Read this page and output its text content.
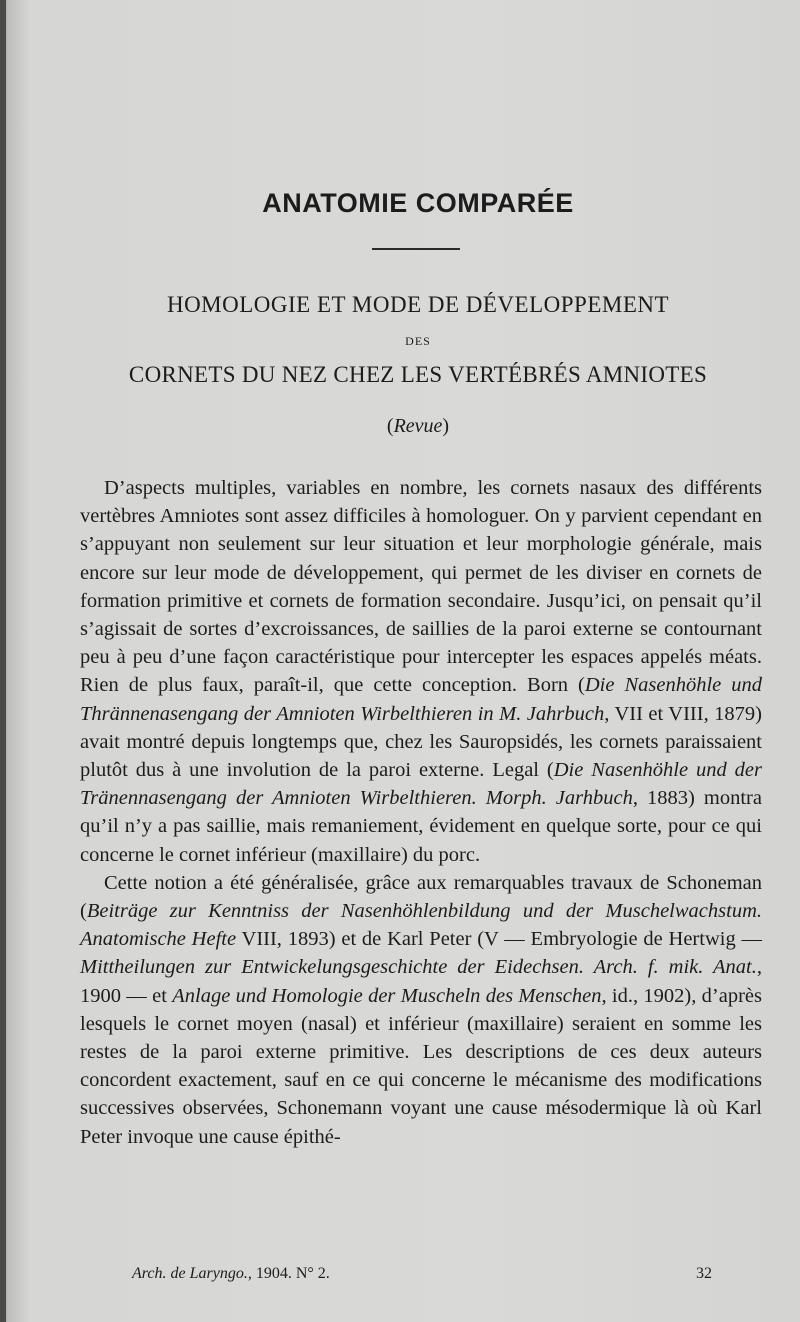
ANATOMIE COMPARÉE
HOMOLOGIE ET MODE DE DÉVELOPPEMENT
DES
CORNETS DU NEZ CHEZ LES VERTÉBRÉS AMNIOTES
(Revue)

D’aspects multiples, variables en nombre, les cornets nasaux des différents vertèbres Amniotes sont assez difficiles à homologuer. On y parvient cependant en s’appuyant non seulement sur leur situation et leur morphologie générale, mais encore sur leur mode de développement, qui permet de les diviser en cornets de formation primitive et cornets de formation secondaire. Jusqu’ici, on pensait qu’il s’agissait de sortes d’excroissances, de saillies de la paroi externe se contournant peu à peu d’une façon caractéristique pour intercepter les espaces appelés méats. Rien de plus faux, paraît-il, que cette conception. Born (Die Nasenhöhle und Thrännenasengang der Amnioten Wirbelthieren in M. Jahrbuch, VII et VIII, 1879) avait montré depuis longtemps que, chez les Sauropsidés, les cornets paraissaient plutôt dus à une involution de la paroi externe. Legal (Die Nasenhöhle und der Tränennasengang der Amnioten Wirbelthieren. Morph. Jarhbuch, 1883) montra qu’il n’y a pas saillie, mais remaniement, évidement en quelque sorte, pour ce qui concerne le cornet inférieur (maxillaire) du porc.

Cette notion a été généralisée, grâce aux remarquables travaux de Schoneman (Beiträge zur Kenntniss der Nasenhöhlenbildung und der Muschelwachstum. Anatomische Hefte VIII, 1893) et de Karl Peter (V — Embryologie de Hertwig — Mittheilungen zur Entwickelungsgeschichte der Eidechsen. Arch. f. mik. Anat., 1900 — et Anlage und Homologie der Muscheln des Menschen, id., 1902), d’après lesquels le cornet moyen (nasal) et inférieur (maxillaire) seraient en somme les restes de la paroi externe primitive. Les descriptions de ces deux auteurs concordent exactement, sauf en ce qui concerne le mécanisme des modifications successives observées, Schonemann voyant une cause mésodermique là où Karl Peter invoque une cause épithé-

Arch. de Laryngo., 1904. N° 2.	32
